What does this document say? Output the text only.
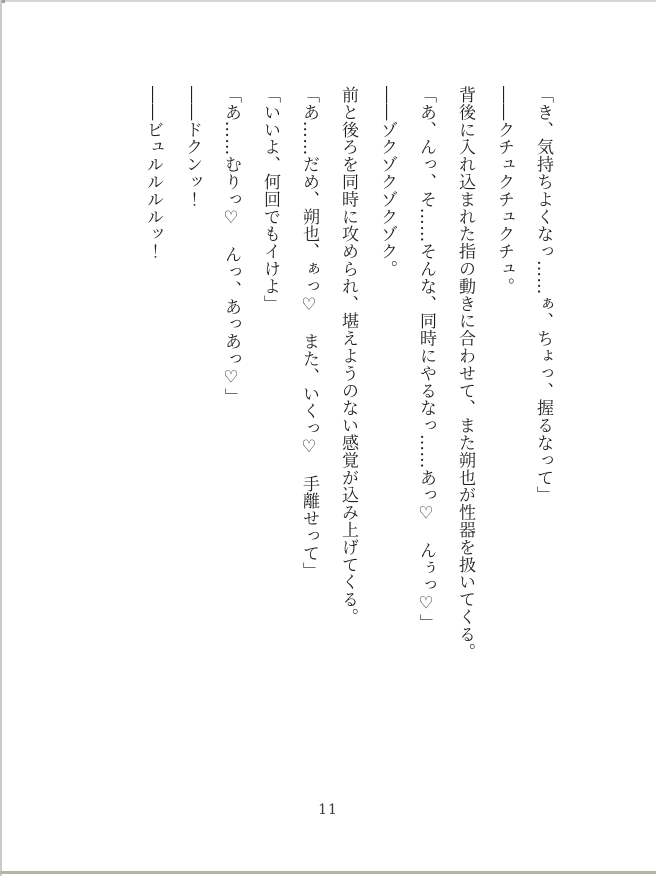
「き、気持ちよくなっ……ぁ、ちょっ、握るなって」

――クチュクチュクチュ。

背後に入れ込まれた指の動きに合わせて、また朔也が性器を扱いてくる。

「あ、んっ、そ……そんな、同時にやるなっ……あっ♡　んぅっ♡」

――ゾクゾクゾクゾク。

前と後ろを同時に攻められ、堪えようのない感覚が込み上げてくる。

「あ……だめ、朔也、ぁっ♡　また、いくっ♡　手離せって」

「いいよ、何回でもイけよ」

「あ……むりっ♡　んっ、あっあっ♡」

――ドクンッ！

――ビュルルルルッ！

11
